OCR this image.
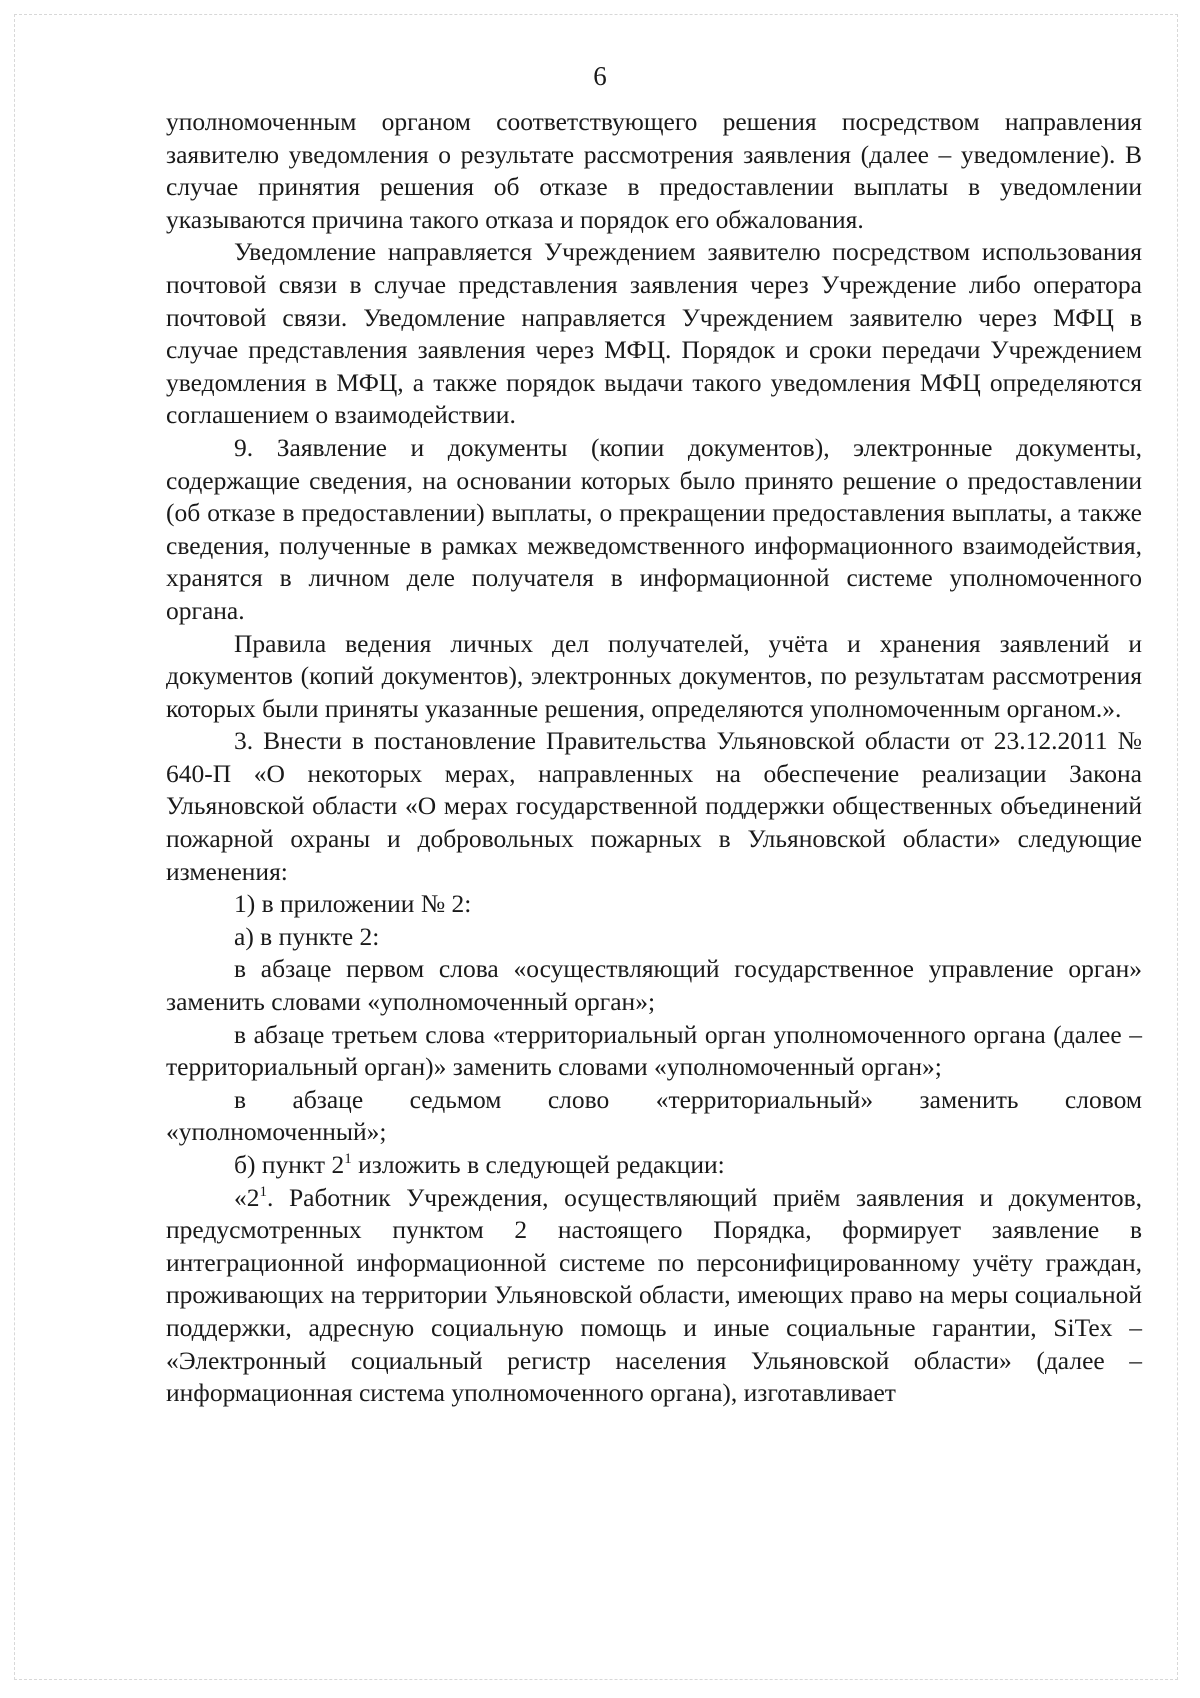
6

уполномоченным органом соответствующего решения посредством направления заявителю уведомления о результате рассмотрения заявления (далее – уведомление). В случае принятия решения об отказе в предоставлении выплаты в уведомлении указываются причина такого отказа и порядок его обжалования.

Уведомление направляется Учреждением заявителю посредством использования почтовой связи в случае представления заявления через Учреждение либо оператора почтовой связи. Уведомление направляется Учреждением заявителю через МФЦ в случае представления заявления через МФЦ. Порядок и сроки передачи Учреждением уведомления в МФЦ, а также порядок выдачи такого уведомления МФЦ определяются соглашением о взаимодействии.

9. Заявление и документы (копии документов), электронные документы, содержащие сведения, на основании которых было принято решение о предоставлении (об отказе в предоставлении) выплаты, о прекращении предоставления выплаты, а также сведения, полученные в рамках межведомственного информационного взаимодействия, хранятся в личном деле получателя в информационной системе уполномоченного органа.

Правила ведения личных дел получателей, учёта и хранения заявлений и документов (копий документов), электронных документов, по результатам рассмотрения которых были приняты указанные решения, определяются уполномоченным органом.».

3. Внести в постановление Правительства Ульяновской области от 23.12.2011 № 640-П «О некоторых мерах, направленных на обеспечение реализации Закона Ульяновской области «О мерах государственной поддержки общественных объединений пожарной охраны и добровольных пожарных в Ульяновской области» следующие изменения:

1) в приложении № 2:

а) в пункте 2:

в абзаце первом слова «осуществляющий государственное управление орган» заменить словами «уполномоченный орган»;

в абзаце третьем слова «территориальный орган уполномоченного органа (далее – территориальный орган)» заменить словами «уполномоченный орган»;

в абзаце седьмом слово «территориальный» заменить словом «уполномоченный»;

б) пункт $2^1$ изложить в следующей редакции:

«$2^1$. Работник Учреждения, осуществляющий приём заявления и документов, предусмотренных пунктом 2 настоящего Порядка, формирует заявление в интеграционной информационной системе по персонифицированному учёту граждан, проживающих на территории Ульяновской области, имеющих право на меры социальной поддержки, адресную социальную помощь и иные социальные гарантии, SiTex – «Электронный социальный регистр населения Ульяновской области» (далее – информационная система уполномоченного органа), изготавливает
